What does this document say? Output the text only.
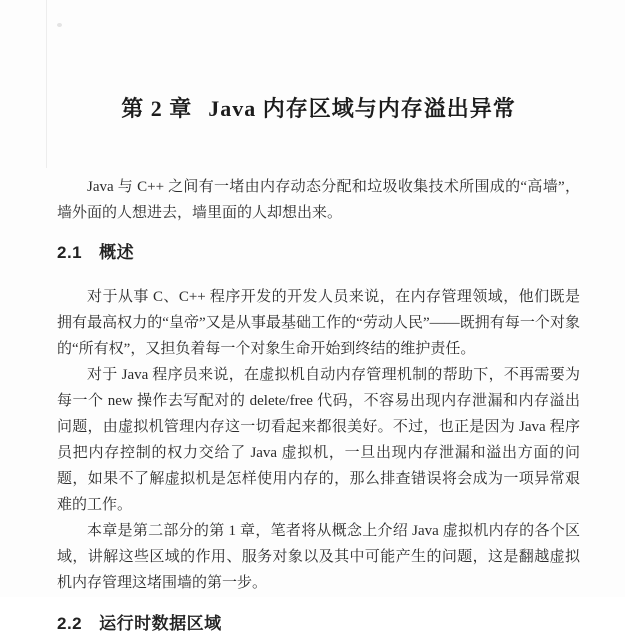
第 2 章 Java 内存区域与内存溢出异常

Java 与 C++ 之间有一堵由内存动态分配和垃圾收集技术所围成的“高墙”，墙外面的人想进去，墙里面的人却想出来。

2.1 概述

对于从事 C、C++ 程序开发的开发人员来说，在内存管理领域，他们既是拥有最高权力的“皇帝”又是从事最基础工作的“劳动人民”——既拥有每一个对象的“所有权”，又担负着每一个对象生命开始到终结的维护责任。

对于 Java 程序员来说，在虚拟机自动内存管理机制的帮助下，不再需要为每一个 new 操作去写配对的 delete/free 代码，不容易出现内存泄漏和内存溢出问题，由虚拟机管理内存这一切看起来都很美好。不过，也正是因为 Java 程序员把内存控制的权力交给了 Java 虚拟机，一旦出现内存泄漏和溢出方面的问题，如果不了解虚拟机是怎样使用内存的，那么排查错误将会成为一项异常艰难的工作。

本章是第二部分的第 1 章，笔者将从概念上介绍 Java 虚拟机内存的各个区域，讲解这些区域的作用、服务对象以及其中可能产生的问题，这是翻越虚拟机内存管理这堵围墙的第一步。

2.2 运行时数据区域
